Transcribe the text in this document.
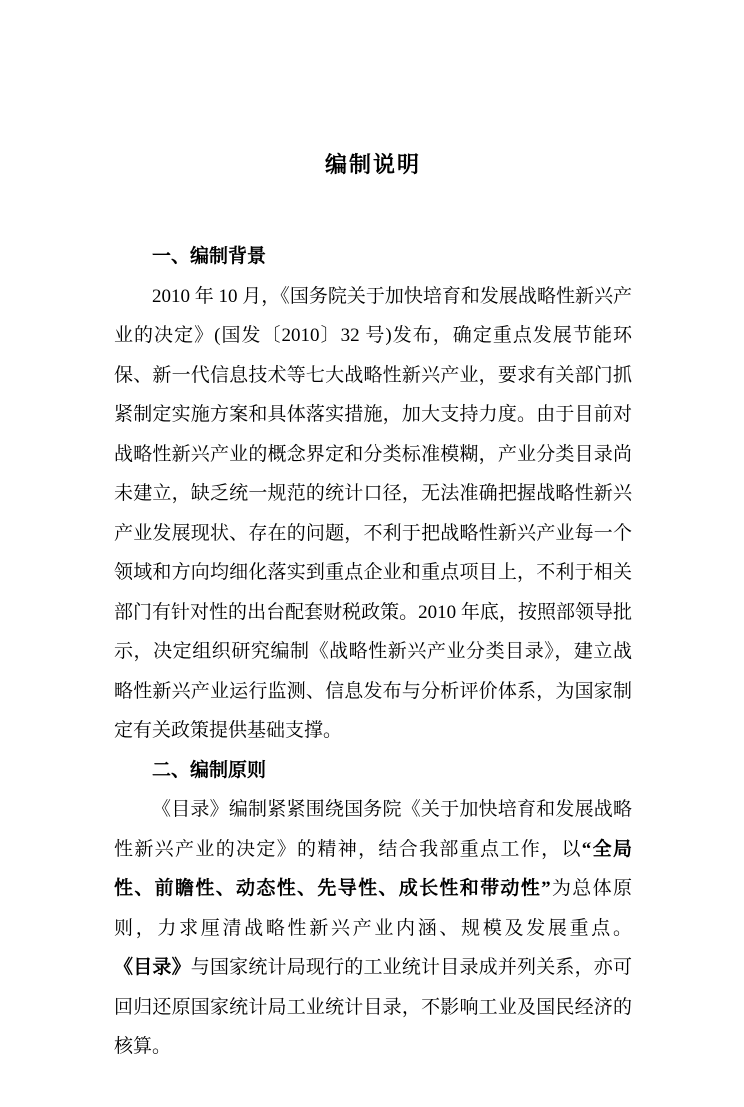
编制说明
一、编制背景

2010 年 10 月，《国务院关于加快培育和发展战略性新兴产业的决定》(国发〔2010〕32 号)发布，确定重点发展节能环保、新一代信息技术等七大战略性新兴产业，要求有关部门抓紧制定实施方案和具体落实措施，加大支持力度。由于目前对战略性新兴产业的概念界定和分类标准模糊，产业分类目录尚未建立，缺乏统一规范的统计口径，无法准确把握战略性新兴产业发展现状、存在的问题，不利于把战略性新兴产业每一个领域和方向均细化落实到重点企业和重点项目上，不利于相关部门有针对性的出台配套财税政策。2010 年底，按照部领导批示，决定组织研究编制《战略性新兴产业分类目录》，建立战略性新兴产业运行监测、信息发布与分析评价体系，为国家制定有关政策提供基础支撑。

二、编制原则

《目录》编制紧紧围绕国务院《关于加快培育和发展战略性新兴产业的决定》的精神，结合我部重点工作，以“全局性、前瞻性、动态性、先导性、成长性和带动性”为总体原则，力求厘清战略性新兴产业内涵、规模及发展重点。《目录》与国家统计局现行的工业统计目录成并列关系，亦可回归还原国家统计局工业统计目录，不影响工业及国民经济的核算。
